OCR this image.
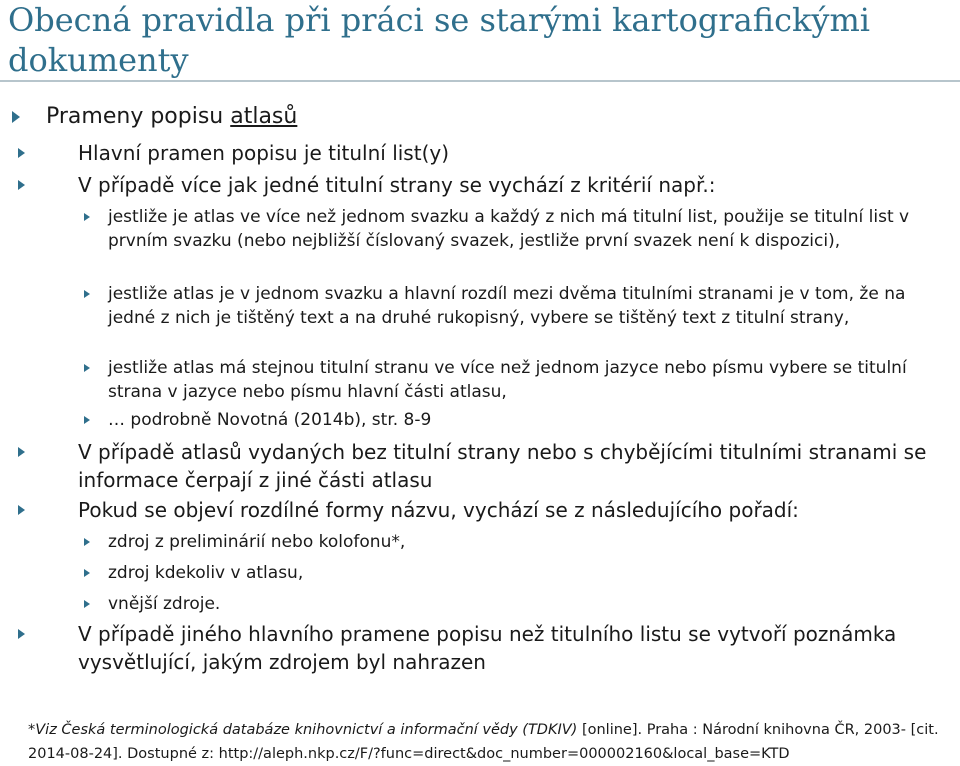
Obecná pravidla při práci se starými kartografickými dokumenty
Prameny popisu atlasů
Hlavní pramen popisu je titulní list(y)
V případě více jak jedné titulní strany se vychází z kritérií např.:
jestliže je atlas ve více než jednom svazku a každý z nich má titulní list, použije se titulní list v prvním svazku (nebo nejbližší číslovaný svazek, jestliže první svazek není k dispozici),
jestliže atlas je v jednom svazku a hlavní rozdíl mezi dvěma titulními stranami je v tom, že na jedné z nich je tištěný text a na druhé rukopisný, vybere se tištěný text z titulní strany,
jestliže atlas má stejnou titulní stranu ve více než jednom jazyce nebo písmu vybere se titulní strana v jazyce nebo písmu hlavní části atlasu,
… podrobně Novotná (2014b), str. 8-9
V případě atlasů vydaných bez titulní strany nebo s chybějícími titulními stranami se informace čerpají z jiné části atlasu
Pokud se objeví rozdílné formy názvu, vychází se z následujícího pořadí:
zdroj z preliminárií nebo kolofonu*,
zdroj kdekoliv v atlasu,
vnější zdroje.
V případě jiného hlavního pramene popisu než titulního listu se vytvoří poznámka vysvětlující, jakým zdrojem byl nahrazen
*Viz Česká terminologická databáze knihovnictví a informační vědy (TDKIV) [online]. Praha : Národní knihovna ČR, 2003- [cit. 2014-08-24]. Dostupné z: http://aleph.nkp.cz/F/?func=direct&doc_number=000002160&local_base=KTD
